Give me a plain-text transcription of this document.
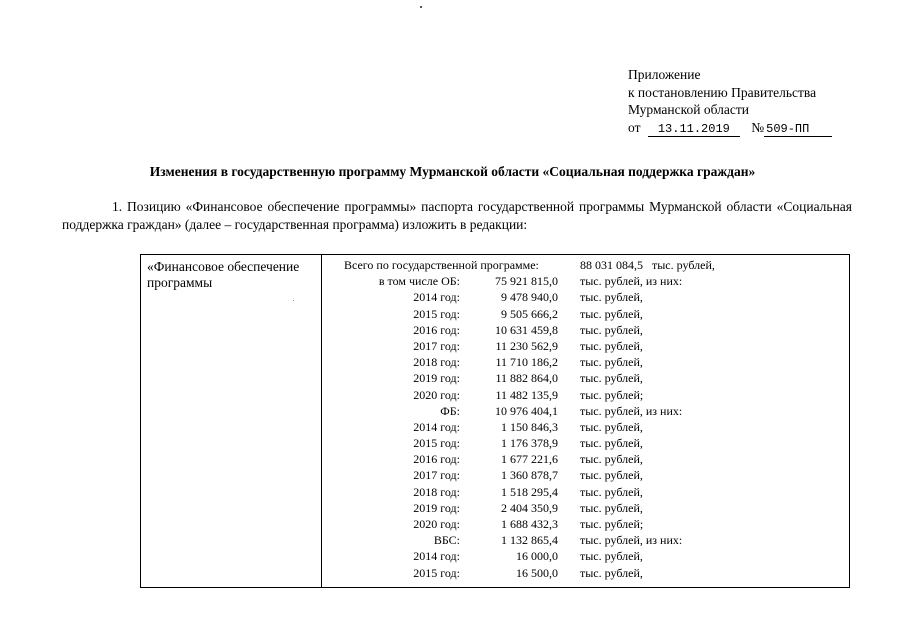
Приложение
к постановлению Правительства
Мурманской области
от 13.11.2019 № 509-ПП
Изменения в государственную программу Мурманской области «Социальная поддержка граждан»

1. Позицию «Финансовое обеспечение программы» паспорта государственной программы Мурманской области «Социальная поддержка граждан» (далее – государственная программа) изложить в редакции:

«Финансовое обеспечение программы
Всего по государственной программе:	88 031 084,5 тыс. рублей,
в том числе ОБ:	75 921 815,0 тыс. рублей, из них:
2014 год:	9 478 940,0 тыс. рублей,
2015 год:	9 505 666,2 тыс. рублей,
2016 год:	10 631 459,8 тыс. рублей,
2017 год:	11 230 562,9 тыс. рублей,
2018 год:	11 710 186,2 тыс. рублей,
2019 год:	11 882 864,0 тыс. рублей,
2020 год:	11 482 135,9 тыс. рублей;
ФБ:	10 976 404,1 тыс. рублей, из них:
2014 год:	1 150 846,3 тыс. рублей,
2015 год:	1 176 378,9 тыс. рублей,
2016 год:	1 677 221,6 тыс. рублей,
2017 год:	1 360 878,7 тыс. рублей,
2018 год:	1 518 295,4 тыс. рублей,
2019 год:	2 404 350,9 тыс. рублей,
2020 год:	1 688 432,3 тыс. рублей;
ВБС:	1 132 865,4 тыс. рублей, из них:
2014 год:	16 000,0 тыс. рублей,
2015 год:	16 500,0 тыс. рублей,
